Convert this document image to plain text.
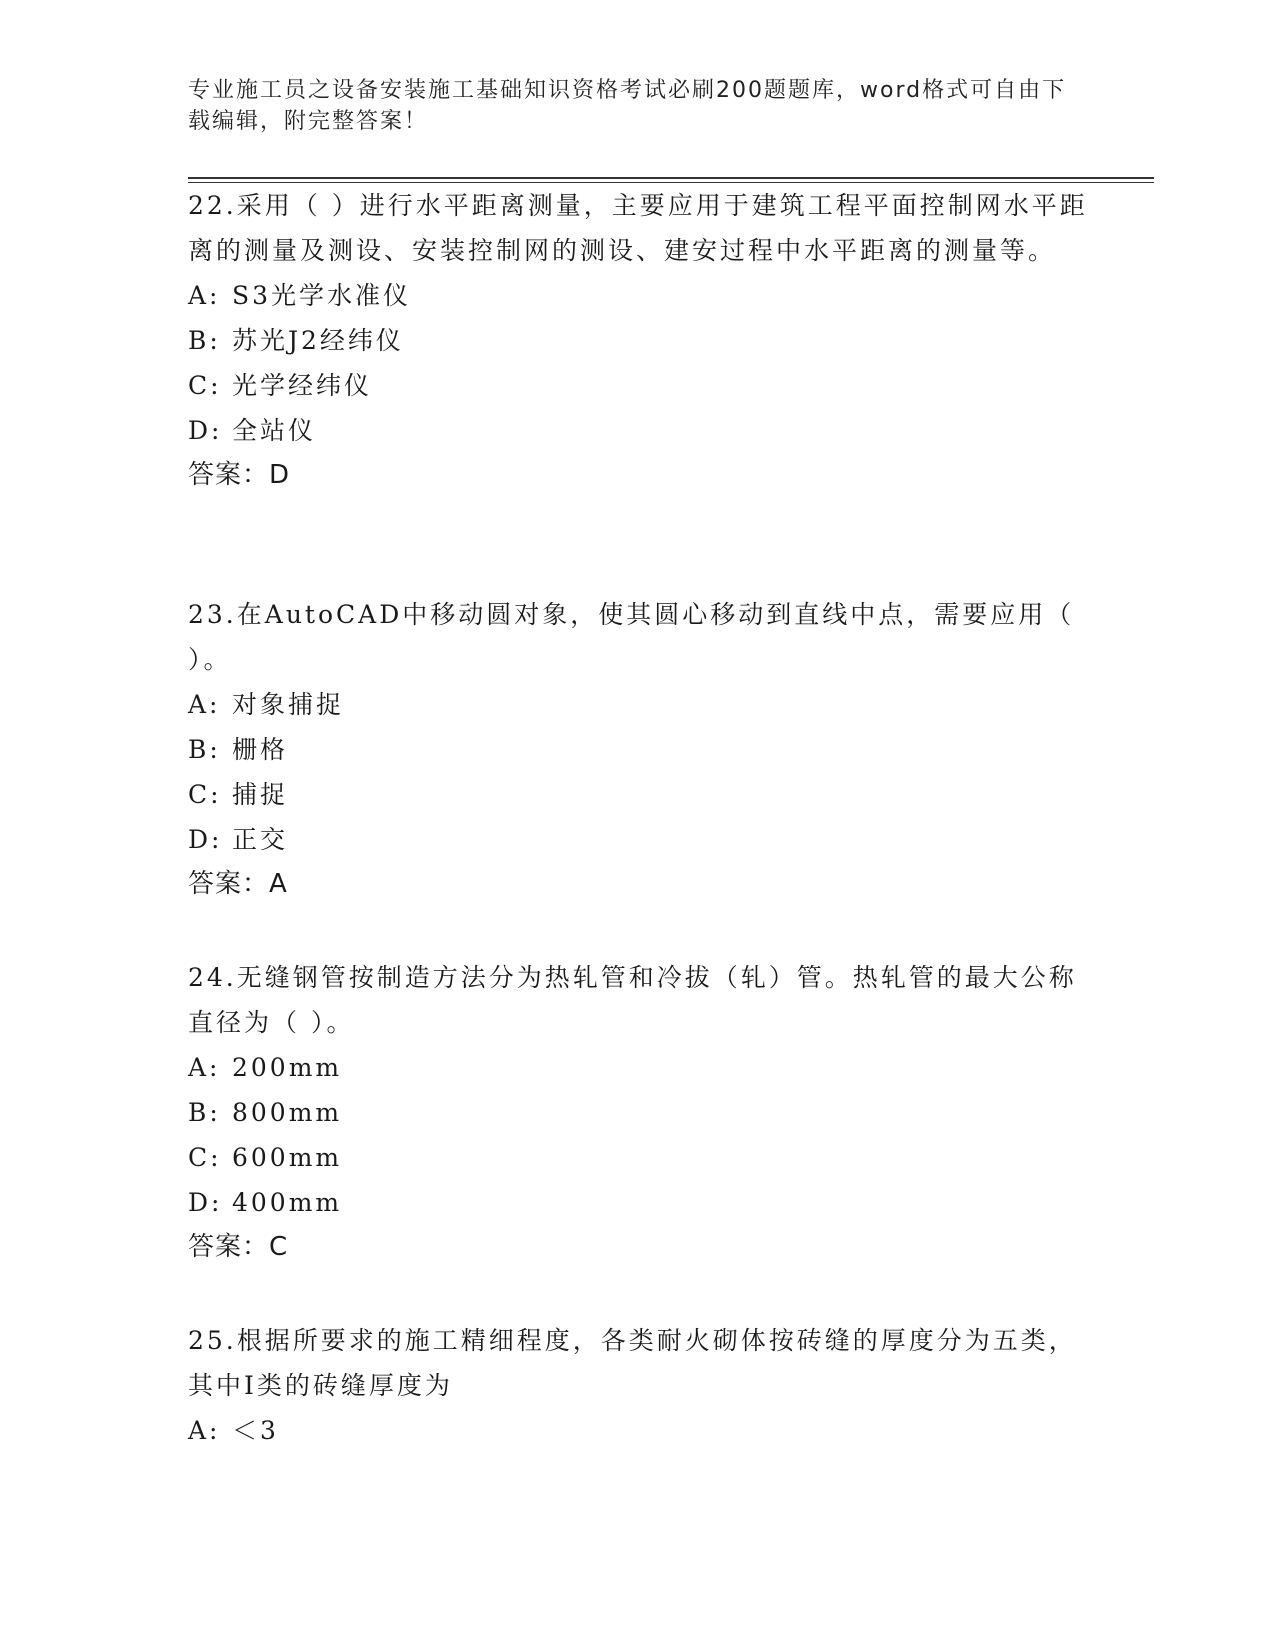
专业施工员之设备安装施工基础知识资格考试必刷200题题库，word格式可自由下载编辑，附完整答案！

22.采用（ ）进行水平距离测量，主要应用于建筑工程平面控制网水平距离的测量及测设、安装控制网的测设、建安过程中水平距离的测量等。

A: S3光学水准仪

B: 苏光J2经纬仪

C: 光学经纬仪

D: 全站仪

答案：D

23.在AutoCAD中移动圆对象，使其圆心移动到直线中点，需要应用（ ）。

A: 对象捕捉

B: 栅格

C: 捕捉

D: 正交

答案：A

24.无缝钢管按制造方法分为热轧管和冷拔（轧）管。热轧管的最大公称直径为（ ）。

A: 200mm

B: 800mm

C: 600mm

D: 400mm

答案：C

25.根据所要求的施工精细程度，各类耐火砌体按砖缝的厚度分为五类，其中I类的砖缝厚度为

A: ＜3
